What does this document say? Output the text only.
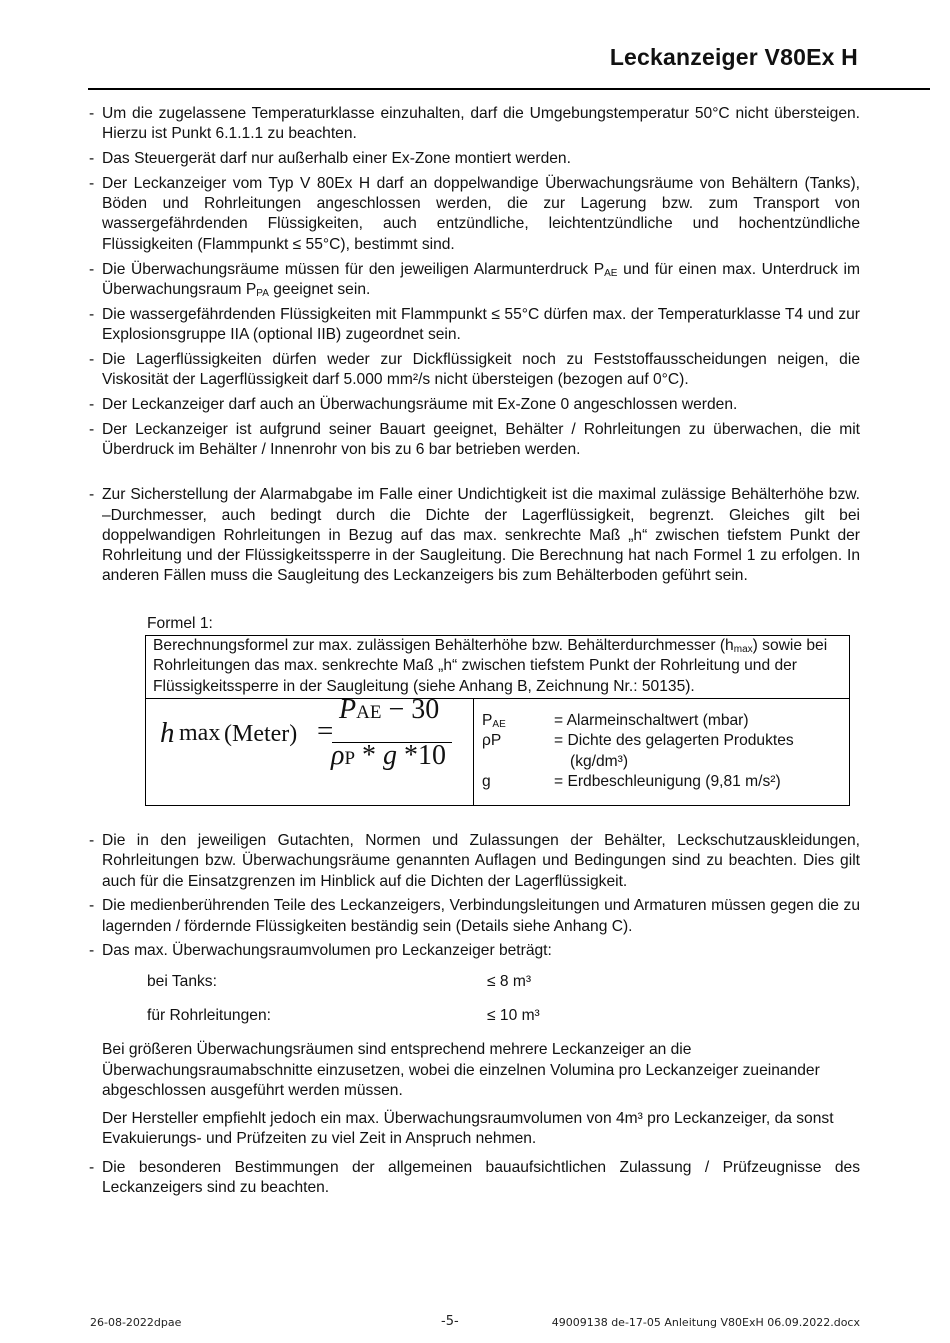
Leckanzeiger V80Ex H
- Um die zugelassene Temperaturklasse einzuhalten, darf die Umgebungstemperatur 50°C nicht übersteigen. Hierzu ist Punkt 6.1.1.1 zu beachten.
- Das Steuergerät darf nur außerhalb einer Ex-Zone montiert werden.
- Der Leckanzeiger vom Typ V 80Ex H darf an doppelwandige Überwachungsräume von Behältern (Tanks), Böden und Rohrleitungen angeschlossen werden, die zur Lagerung bzw. zum Transport von wassergefährdenden Flüssigkeiten, auch entzündliche, leichtentzündliche und hochentzündliche Flüssigkeiten (Flammpunkt ≤ 55°C), bestimmt sind.
- Die Überwachungsräume müssen für den jeweiligen Alarmunterdruck $P_{AE}$ und für einen max. Unterdruck im Überwachungsraum $P_{PA}$ geeignet sein.
- Die wassergefährdenden Flüssigkeiten mit Flammpunkt ≤ 55°C dürfen max. der Temperaturklasse T4 und zur Explosionsgruppe IIA (optional IIB) zugeordnet sein.
- Die Lagerflüssigkeiten dürfen weder zur Dickflüssigkeit noch zu Feststoffausscheidungen neigen, die Viskosität der Lagerflüssigkeit darf 5.000 mm²/s nicht übersteigen (bezogen auf 0°C).
- Der Leckanzeiger darf auch an Überwachungsräume mit Ex-Zone 0 angeschlossen werden.
- Der Leckanzeiger ist aufgrund seiner Bauart geeignet, Behälter / Rohrleitungen zu überwachen, die mit Überdruck im Behälter / Innenrohr von bis zu 6 bar betrieben werden.
- Zur Sicherstellung der Alarmabgabe im Falle einer Undichtigkeit ist die maximal zulässige Behälterhöhe bzw. –Durchmesser, auch bedingt durch die Dichte der Lagerflüssigkeit, begrenzt. Gleiches gilt bei doppelwandigen Rohrleitungen in Bezug auf das max. senkrechte Maß „h“ zwischen tiefstem Punkt der Rohrleitung und der Flüssigkeitssperre in der Saugleitung. Die Berechnung hat nach Formel 1 zu erfolgen. In anderen Fällen muss die Saugleitung des Leckanzeigers bis zum Behälterboden geführt sein.
Formel 1:
Berechnungsformel zur max. zulässigen Behälterhöhe bzw. Behälterdurchmesser $(h_{max})$ sowie bei Rohrleitungen das max. senkrechte Maß „h“ zwischen tiefstem Punkt der Rohrleitung und der Flüssigkeitssperre in der Saugleitung (siehe Anhang B, Zeichnung Nr.: 50135).
h max (Meter) =
PAE − 30
ρP * g *10
$P_{AE}$	= Alarmeinschaltwert (mbar)
ρP	= Dichte des gelagerten Produktes
(kg/dm³)
g	= Erdbeschleunigung (9,81 m/s²)
- Die in den jeweiligen Gutachten, Normen und Zulassungen der Behälter, Leckschutzauskleidungen, Rohrleitungen bzw. Überwachungsräume genannten Auflagen und Bedingungen sind zu beachten. Dies gilt auch für die Einsatzgrenzen im Hinblick auf die Dichten der Lagerflüssigkeit.
- Die medienberührenden Teile des Leckanzeigers, Verbindungsleitungen und Armaturen müssen gegen die zu lagernden / fördernde Flüssigkeiten beständig sein (Details siehe Anhang C).
- Das max. Überwachungsraumvolumen pro Leckanzeiger beträgt:
bei Tanks:	≤ 8 m³
für Rohrleitungen:	≤ 10 m³
Bei größeren Überwachungsräumen sind entsprechend mehrere Leckanzeiger an die Überwachungsraumabschnitte einzusetzen, wobei die einzelnen Volumina pro Leckanzeiger zueinander abgeschlossen ausgeführt werden müssen.
Der Hersteller empfiehlt jedoch ein max. Überwachungsraumvolumen von 4m³ pro Leckanzeiger, da sonst Evakuierungs- und Prüfzeiten zu viel Zeit in Anspruch nehmen.
- Die besonderen Bestimmungen der allgemeinen bauaufsichtlichen Zulassung / Prüfzeugnisse des Leckanzeigers sind zu beachten.
26-08-2022dpae	-5-	49009138 de-17-05 Anleitung V80ExH 06.09.2022.docx
